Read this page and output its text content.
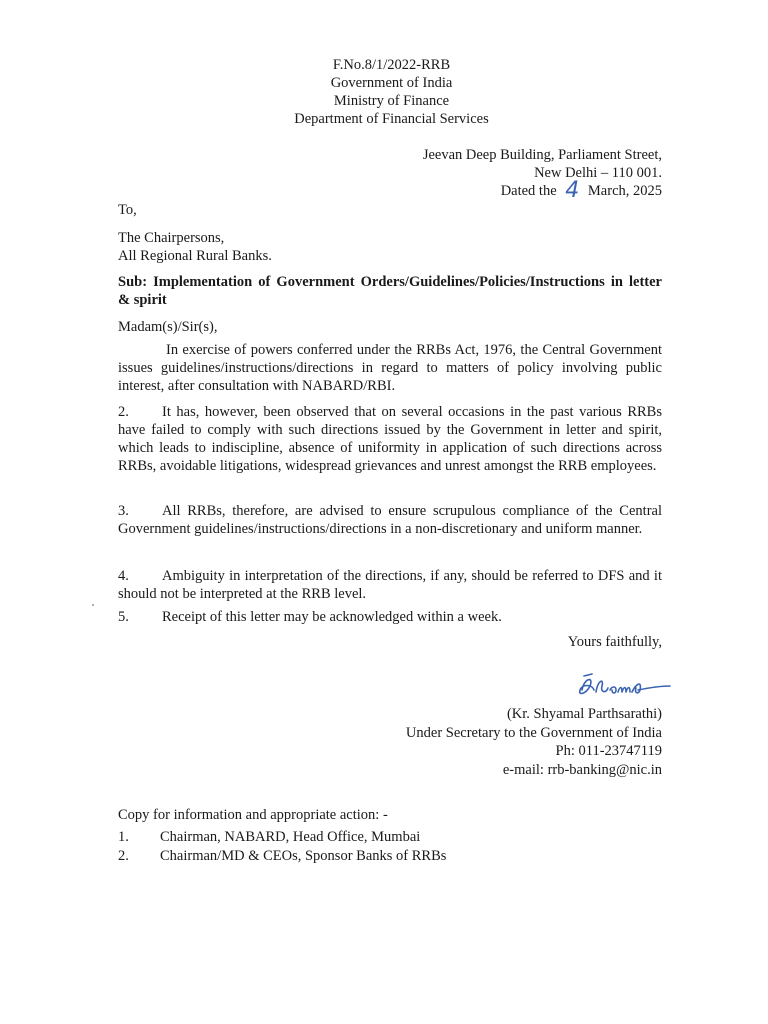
F.No.8/1/2022-RRB
Government of India
Ministry of Finance
Department of Financial Services
Jeevan Deep Building, Parliament Street,
New Delhi – 110 001.
Dated the 4 March, 2025
To,
The Chairpersons,
All Regional Rural Banks.
Sub: Implementation of Government Orders/Guidelines/Policies/Instructions in letter & spirit
Madam(s)/Sir(s),
In exercise of powers conferred under the RRBs Act, 1976, the Central Government issues guidelines/instructions/directions in regard to matters of policy involving public interest, after consultation with NABARD/RBI.
2. It has, however, been observed that on several occasions in the past various RRBs have failed to comply with such directions issued by the Government in letter and spirit, which leads to indiscipline, absence of uniformity in application of such directions across RRBs, avoidable litigations, widespread grievances and unrest amongst the RRB employees.
3. All RRBs, therefore, are advised to ensure scrupulous compliance of the Central Government guidelines/instructions/directions in a non-discretionary and uniform manner.
4. Ambiguity in interpretation of the directions, if any, should be referred to DFS and it should not be interpreted at the RRB level.
5. Receipt of this letter may be acknowledged within a week.
Yours faithfully,
(Kr. Shyamal Parthsarathi)
Under Secretary to the Government of India
Ph: 011-23747119
e-mail: rrb-banking@nic.in
Copy for information and appropriate action: -
1. Chairman, NABARD, Head Office, Mumbai
2. Chairman/MD & CEOs, Sponsor Banks of RRBs
